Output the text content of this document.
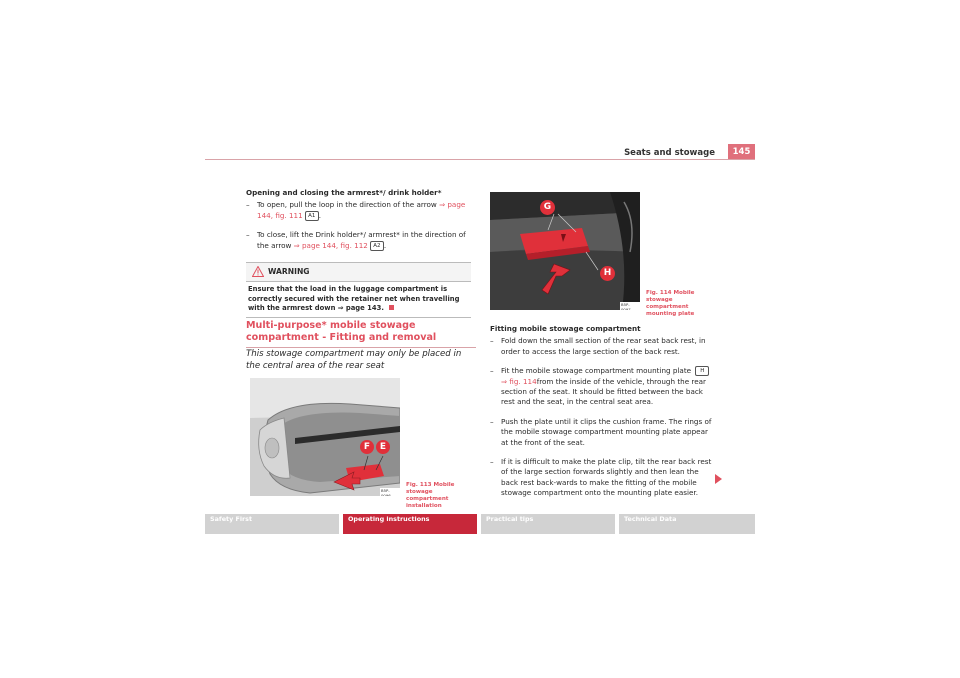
Seats and stowage	145

Opening and closing the armrest*/ drink holder*

– To open, pull the loop in the direction of the arrow ⇒ page 144, fig. 111 A1 .

– To close, lift the Drink holder*/ armrest* in the direction of the arrow ⇒ page 144, fig. 112 A2 .

WARNING
Ensure that the load in the luggage compartment is correctly secured with the retainer net when travelling with the armrest down ⇒ page 143.
Multi-purpose* mobile stowage compartment - Fitting and removal
This stowage compartment may only be placed in the central area of the rear seat
F	E
B5P-0096
Fig. 113 Mobile stowage compartment installation
G
H
B5P-0097
Fig. 114 Mobile stowage compartment mounting plate

Fitting mobile stowage compartment

– Fold down the small section of the rear seat back rest, in order to access the large section of the back rest.

– Fit the mobile stowage compartment mounting plate H ⇒ fig. 114from the inside of the vehicle, through the rear section of the seat. It should be fitted between the back rest and the seat, in the central seat area.

– Push the plate until it clips the cushion frame. The rings of the mobile stowage compartment mounting plate appear at the front of the seat.

– If it is difficult to make the plate clip, tilt the rear back rest of the large section forwards slightly and then lean the back rest back-wards to make the fitting of the mobile stowage compartment onto the mounting plate easier.

Safety First	Operating instructions	Practical tips	Technical Data
